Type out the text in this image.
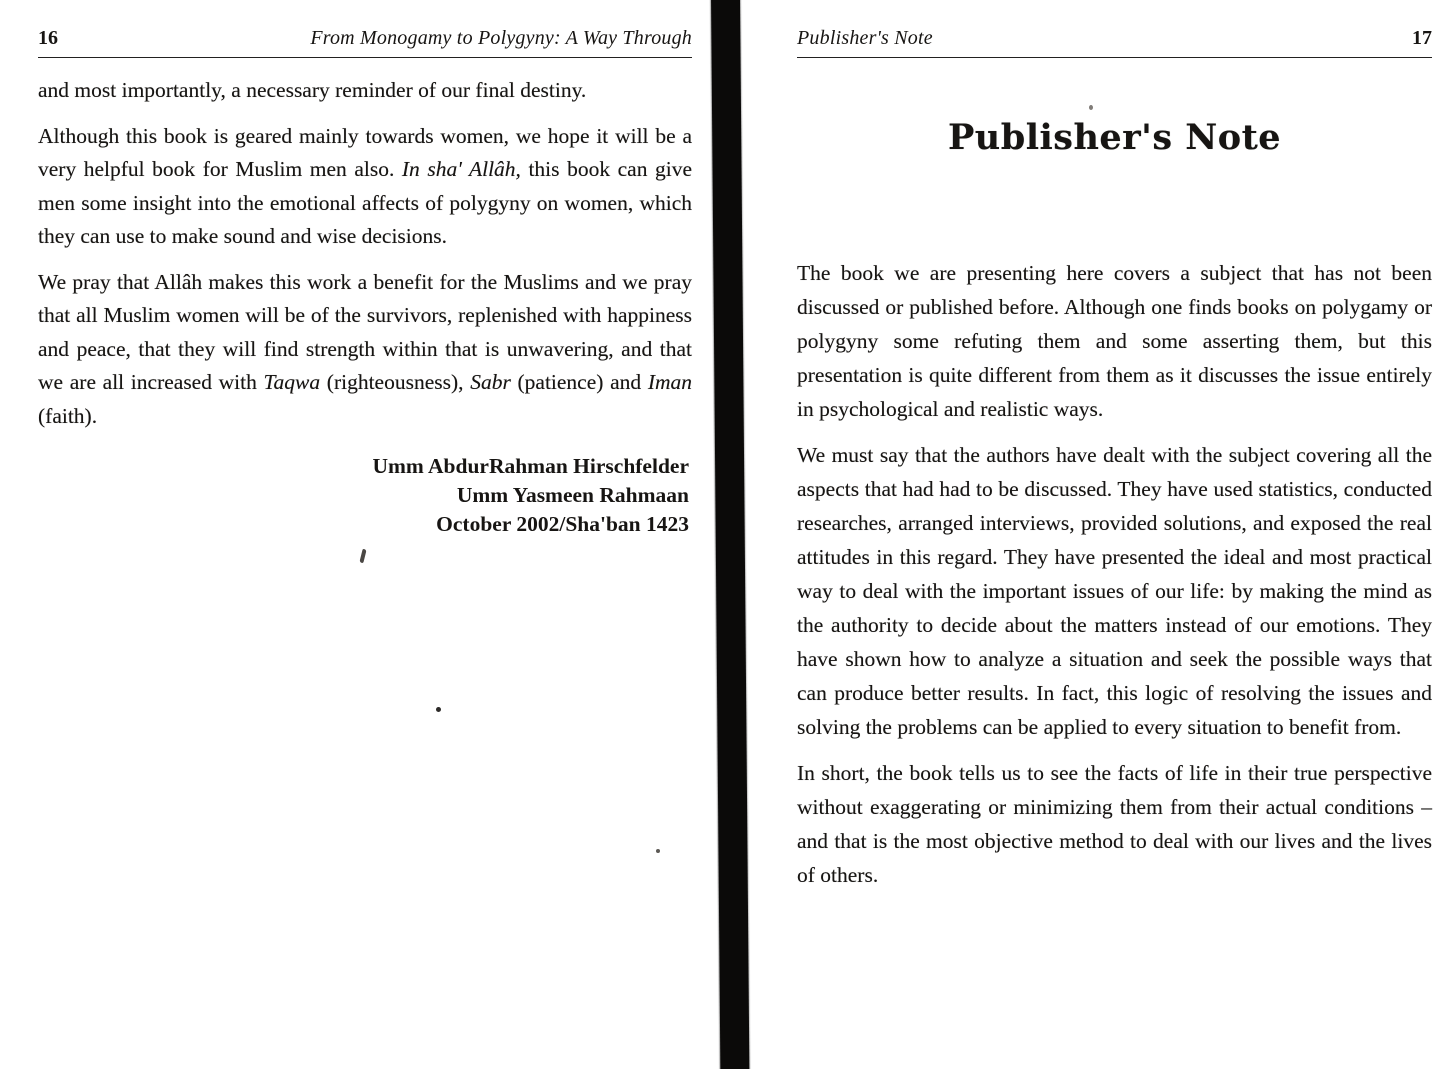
16	From Monogamy to Polygyny: A Way Through

and most importantly, a necessary reminder of our final destiny.

Although this book is geared mainly towards women, we hope it will be a very helpful book for Muslim men also. In sha' Allâh, this book can give men some insight into the emotional affects of polygyny on women, which they can use to make sound and wise decisions.

We pray that Allâh makes this work a benefit for the Muslims and we pray that all Muslim women will be of the survivors, replenished with happiness and peace, that they will find strength within that is unwavering, and that we are all increased with Taqwa (righteousness), Sabr (patience) and Iman (faith).

Umm AbdurRahman Hirschfelder
Umm Yasmeen Rahmaan
October 2002/Sha'ban 1423
Publisher's Note	17
Publisher's Note

The book we are presenting here covers a subject that has not been discussed or published before. Although one finds books on polygamy or polygyny some refuting them and some asserting them, but this presentation is quite different from them as it discusses the issue entirely in psychological and realistic ways.

We must say that the authors have dealt with the subject covering all the aspects that had had to be discussed. They have used statistics, conducted researches, arranged interviews, provided solutions, and exposed the real attitudes in this regard. They have presented the ideal and most practical way to deal with the important issues of our life: by making the mind as the authority to decide about the matters instead of our emotions. They have shown how to analyze a situation and seek the possible ways that can produce better results. In fact, this logic of resolving the issues and solving the problems can be applied to every situation to benefit from.

In short, the book tells us to see the facts of life in their true perspective without exaggerating or minimizing them from their actual conditions – and that is the most objective method to deal with our lives and the lives of others.
